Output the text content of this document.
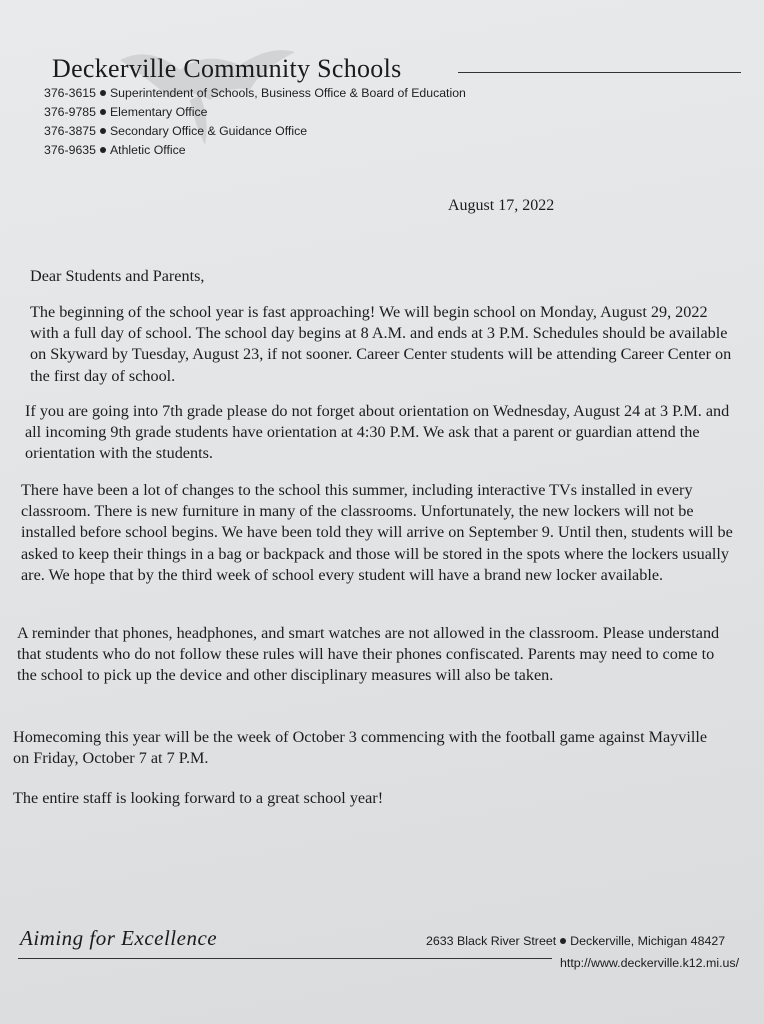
Deckerville Community Schools
376-3615 Superintendent of Schools, Business Office & Board of Education
376-9785 Elementary Office
376-3875 Secondary Office & Guidance Office
376-9635 Athletic Office
August 17, 2022
Dear Students and Parents,

The beginning of the school year is fast approaching! We will begin school on Monday, August 29, 2022 with a full day of school. The school day begins at 8 A.M. and ends at 3 P.M. Schedules should be available on Skyward by Tuesday, August 23, if not sooner. Career Center students will be attending Career Center on the first day of school.

If you are going into 7th grade please do not forget about orientation on Wednesday, August 24 at 3 P.M. and all incoming 9th grade students have orientation at 4:30 P.M. We ask that a parent or guardian attend the orientation with the students.

There have been a lot of changes to the school this summer, including interactive TVs installed in every classroom. There is new furniture in many of the classrooms. Unfortunately, the new lockers will not be installed before school begins. We have been told they will arrive on September 9. Until then, students will be asked to keep their things in a bag or backpack and those will be stored in the spots where the lockers usually are. We hope that by the third week of school every student will have a brand new locker available.

A reminder that phones, headphones, and smart watches are not allowed in the classroom. Please understand that students who do not follow these rules will have their phones confiscated. Parents may need to come to the school to pick up the device and other disciplinary measures will also be taken.

Homecoming this year will be the week of October 3 commencing with the football game against Mayville on Friday, October 7 at 7 P.M.

The entire staff is looking forward to a great school year!

Aiming for Excellence	2633 Black River Street Deckerville, Michigan 48427
http://www.deckerville.k12.mi.us/
